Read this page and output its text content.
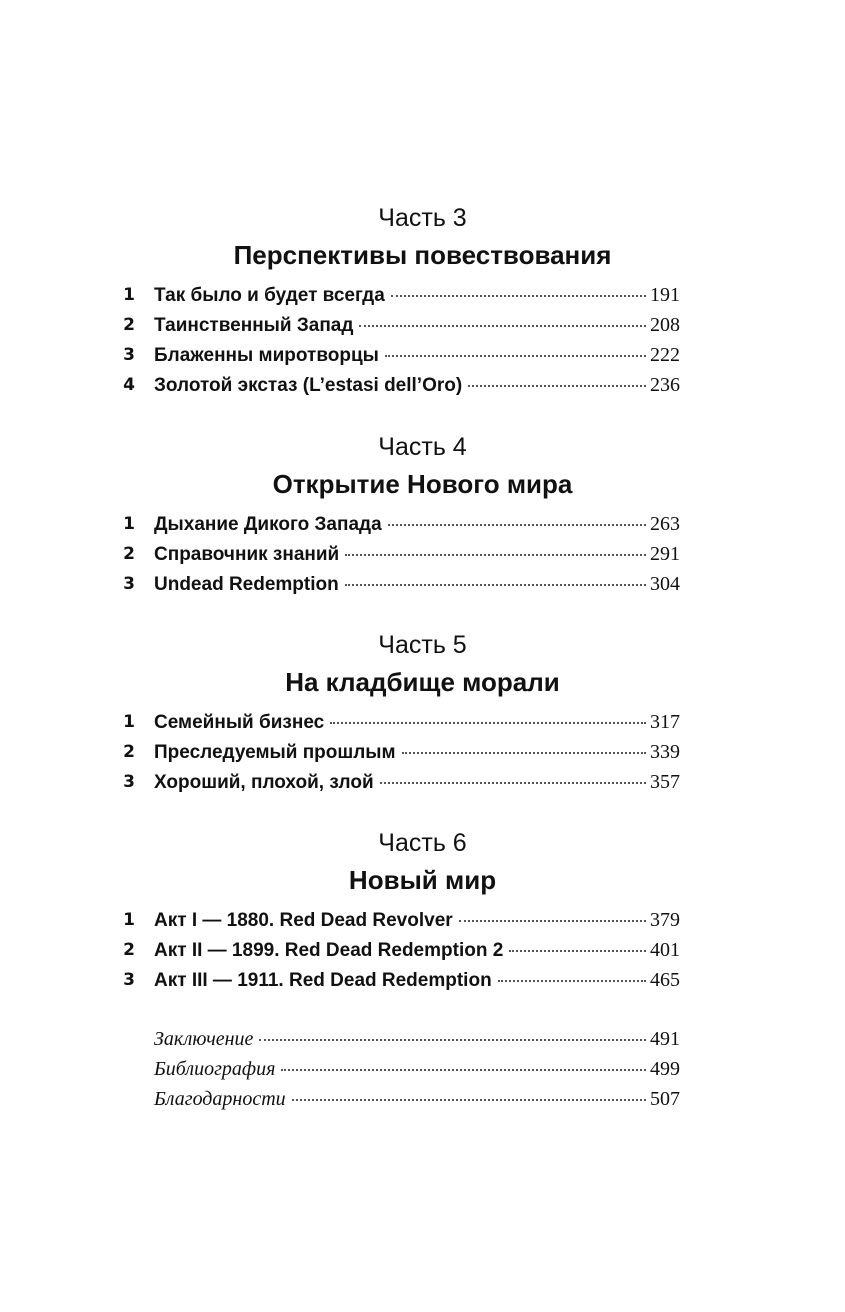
Часть 3
Перспективы повествования
1 Так было и будет всегда	191
2 Таинственный Запад	208
3 Блаженны миротворцы	222
4 Золотой экстаз (L’estasi dell’Oro)	236
Часть 4
Открытие Нового мира
1 Дыхание Дикого Запада	263
2 Справочник знаний	291
3 Undead Redemption	304
Часть 5
На кладбище морали
1 Семейный бизнес	317
2 Преследуемый прошлым	339
3 Хороший, плохой, злой	357
Часть 6
Новый мир
1 Акт I — 1880. Red Dead Revolver	379
2 Акт II — 1899. Red Dead Redemption 2	401
3 Акт III — 1911. Red Dead Redemption	465
Заключение	491
Библиография	499
Благодарности	507
